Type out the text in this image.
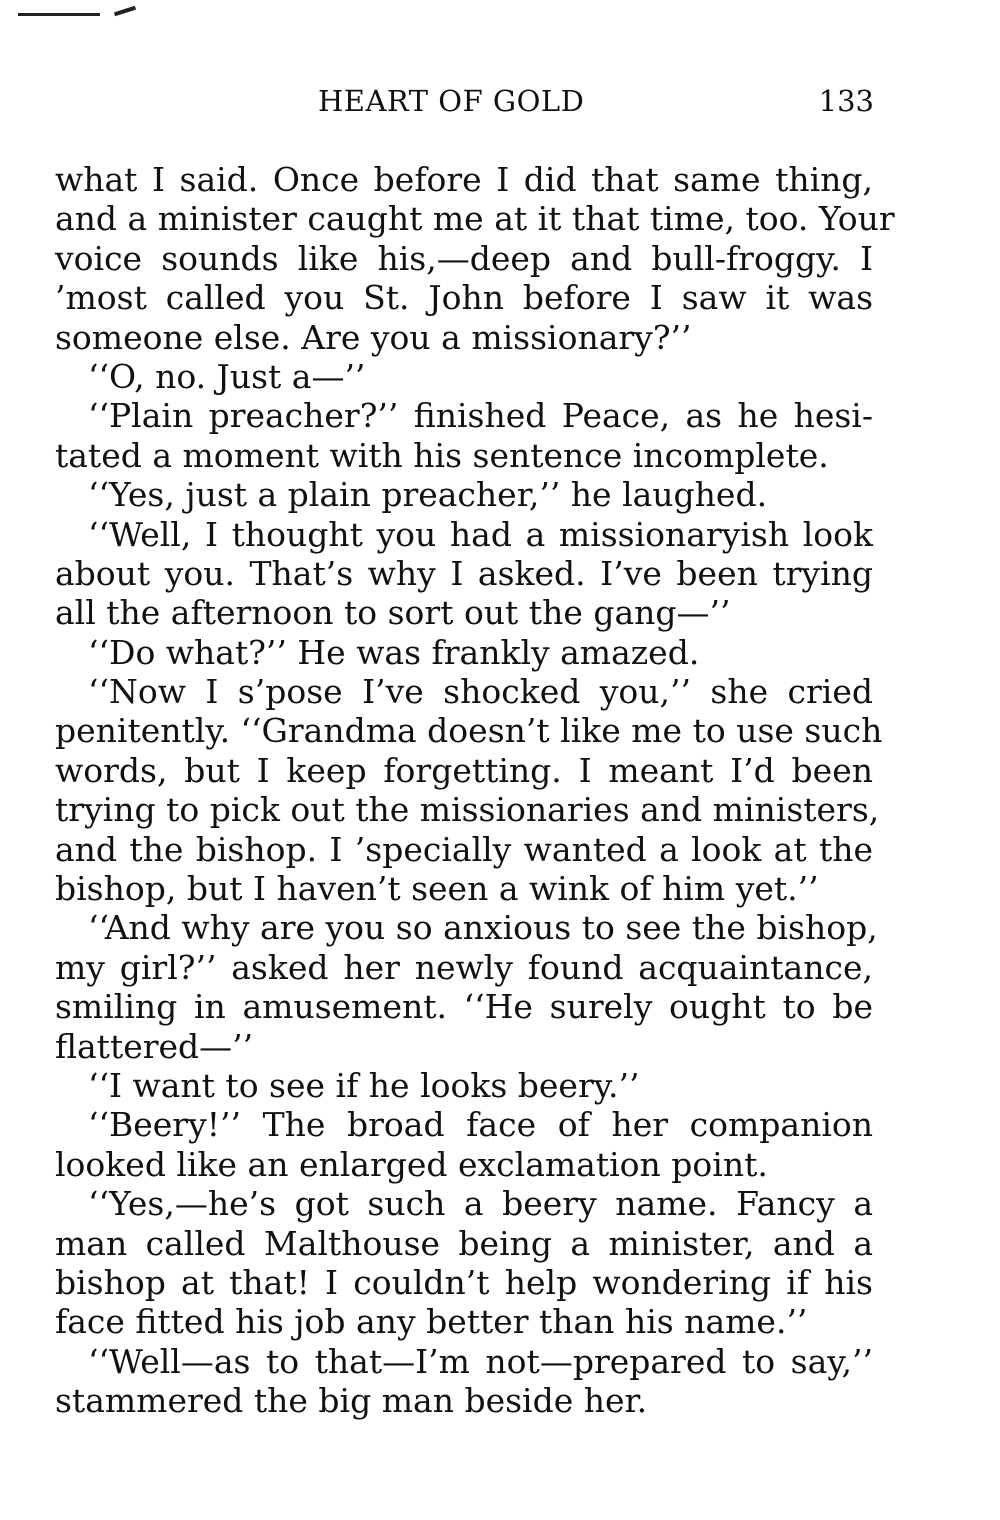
HEART OF GOLD	133
what I said. Once before I did that same thing,
and a minister caught me at it that time, too. Your
voice sounds like his,—deep and bull-froggy. I
’most called you St. John before I saw it was
someone else. Are you a missionary?’’
‘‘O, no. Just a—’’
‘‘Plain preacher?’’ finished Peace, as he hesi-
tated a moment with his sentence incomplete.
‘‘Yes, just a plain preacher,’’ he laughed.
‘‘Well, I thought you had a missionaryish look
about you. That’s why I asked. I’ve been trying
all the afternoon to sort out the gang—’’
‘‘Do what?’’ He was frankly amazed.
‘‘Now I s’pose I’ve shocked you,’’ she cried
penitently. ‘‘Grandma doesn’t like me to use such
words, but I keep forgetting. I meant I’d been
trying to pick out the missionaries and ministers,
and the bishop. I ’specially wanted a look at the
bishop, but I haven’t seen a wink of him yet.’’
‘‘And why are you so anxious to see the bishop,
my girl?’’ asked her newly found acquaintance,
smiling in amusement. ‘‘He surely ought to be
flattered—’’
‘‘I want to see if he looks beery.’’
‘‘Beery!’’ The broad face of her companion
looked like an enlarged exclamation point.
‘‘Yes,—he’s got such a beery name. Fancy a
man called Malthouse being a minister, and a
bishop at that! I couldn’t help wondering if his
face fitted his job any better than his name.’’
‘‘Well—as to that—I’m not—prepared to say,’’
stammered the big man beside her.
